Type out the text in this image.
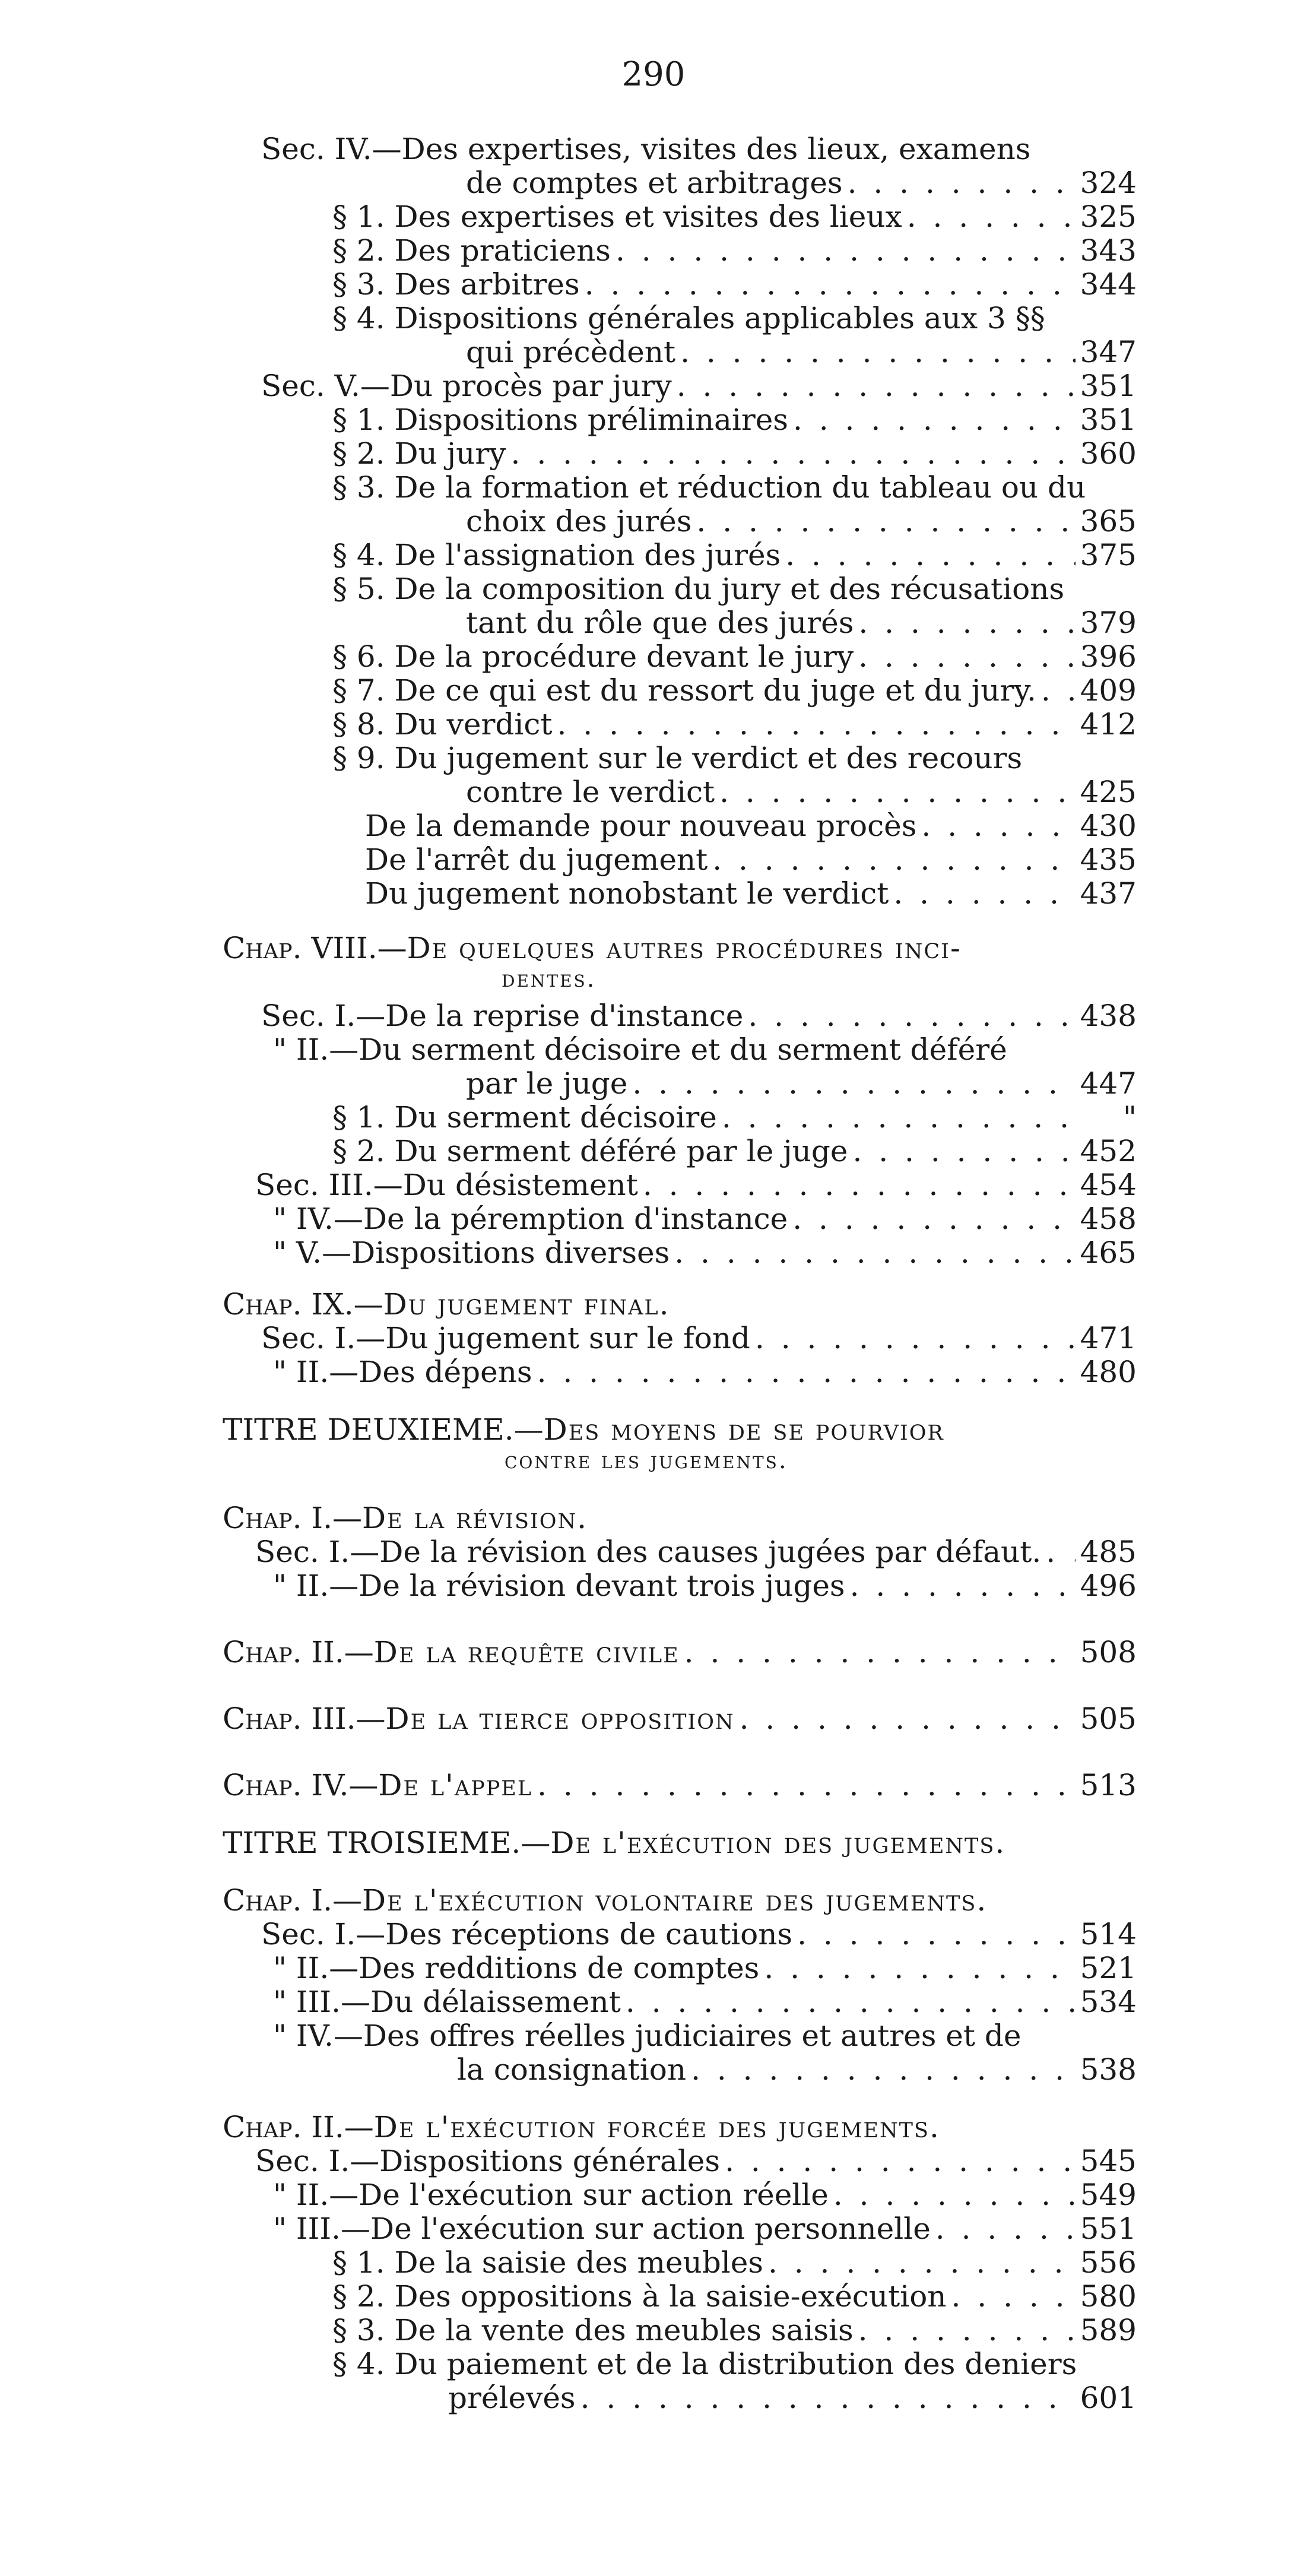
290
Sec. IV.—Des expertises, visites des lieux, examens
de comptes et arbitrages . . .	324
§ 1. Des expertises et visites des lieux . . .	325
§ 2. Des praticiens . . .	343
§ 3. Des arbitres . . .	344
§ 4. Dispositions générales applicables aux 3 §§
qui précèdent . . .	347
Sec. V.—Du procès par jury . . .	351
§ 1. Dispositions préliminaires . . .	351
§ 2. Du jury . . .	360
§ 3. De la formation et réduction du tableau ou du
choix des jurés . . .	365
§ 4. De l'assignation des jurés . . .	375
§ 5. De la composition du jury et des récusations
tant du rôle que des jurés . . .	379
§ 6. De la procédure devant le jury . . .	396
§ 7. De ce qui est du ressort du juge et du jury. . . . 409
§ 8. Du verdict . . .	412
§ 9. Du jugement sur le verdict et des recours
contre le verdict . . .	425
De la demande pour nouveau procès . . .	430
De l'arrêt du jugement . . .	435
Du jugement nonobstant le verdict . . .	437
Chap. VIII.— De quelques autres procédures inci-
dentes.
Sec. I.—De la reprise d'instance . . .	438
" II.—Du serment décisoire et du serment déféré
par le juge . . .	447
§ 1. Du serment décisoire . . .	"
§ 2. Du serment déféré par le juge . . .	452
Sec. III.—Du désistement . . .	454
" IV.—De la péremption d'instance . . .	458
" V.—Dispositions diverses . . .	465
Chap. IX.— Du jugement final.
Sec. I.—Du jugement sur le fond . . .	471
" II.—Des dépens . . .	480
TITRE DEUXIEME.— Des moyens de se pourvior
contre les jugements.
Chap. I.— De la révision.
Sec. I.—De la révision des causes jugées par défaut. . . . 485
" II.—De la révision devant trois juges . . .	496
Chap. II.— De la requête civile . . .	508
Chap. III.— De la tierce opposition . . .	505
Chap. IV.— De l'appel . . .	513
TITRE TROISIEME.— De l'exécution des jugements.
Chap. I.— De l'exécution volontaire des jugements.
Sec. I.—Des réceptions de cautions . . .	514
" II.—Des redditions de comptes . . .	521
" III.—Du délaissement . . .	534
" IV.—Des offres réelles judiciaires et autres et de
la consignation . . .	538
Chap. II.— De l'exécution forcée des jugements.
Sec. I.—Dispositions générales . . .	545
" II.—De l'exécution sur action réelle . . .	549
" III.—De l'exécution sur action personnelle . . .	551
§ 1. De la saisie des meubles . . .	556
§ 2. Des oppositions à la saisie-exécution . . .	580
§ 3. De la vente des meubles saisis . . .	589
§ 4. Du paiement et de la distribution des deniers
prélevés . . .	601
